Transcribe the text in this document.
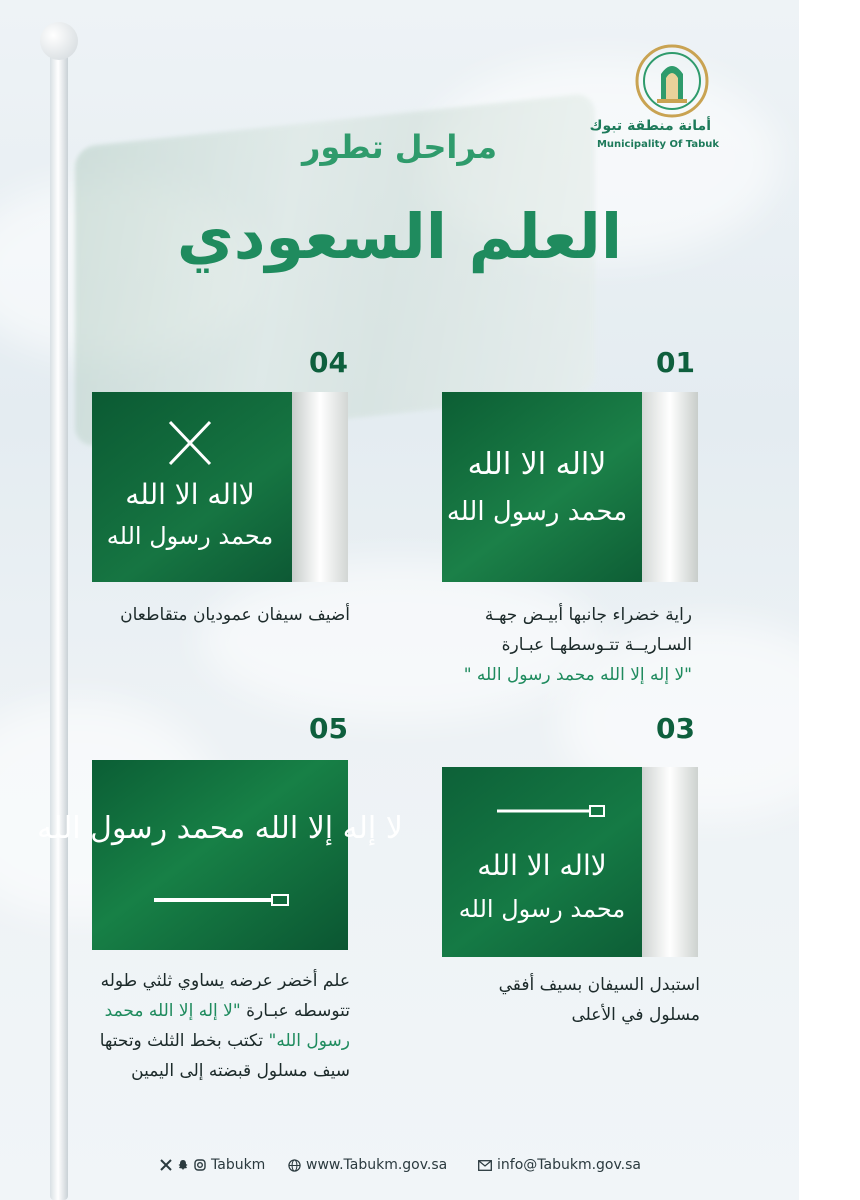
أمانة منطقة تبوك
Municipality Of Tabuk
مراحل تطور
العلم السعودي
01
لااله الا الله
محمد رسول الله
راية خضراء جانبها أبيـض جهـة
السـاريــة تتـوسطهـا عبـارة
"لا إله إلا الله محمد رسول الله "
04
لااله الا الله
محمد رسول الله
أضيف سيفان عموديان متقاطعان
03
لااله الا الله
محمد رسول الله
استبدل السيفان بسيف أفقي
مسلول في الأعلى
05
لا إله إلا الله محمد رسول الله
علم أخضر عرضه يساوي ثلثي طوله
تتوسطه عبـارة "لا إله إلا الله محمد
رسول الله" تكتب بخط الثلث وتحتها
سيف مسلول قبضته إلى اليمين
Tabukm	www.Tabukm.gov.sa	info@Tabukm.gov.sa
